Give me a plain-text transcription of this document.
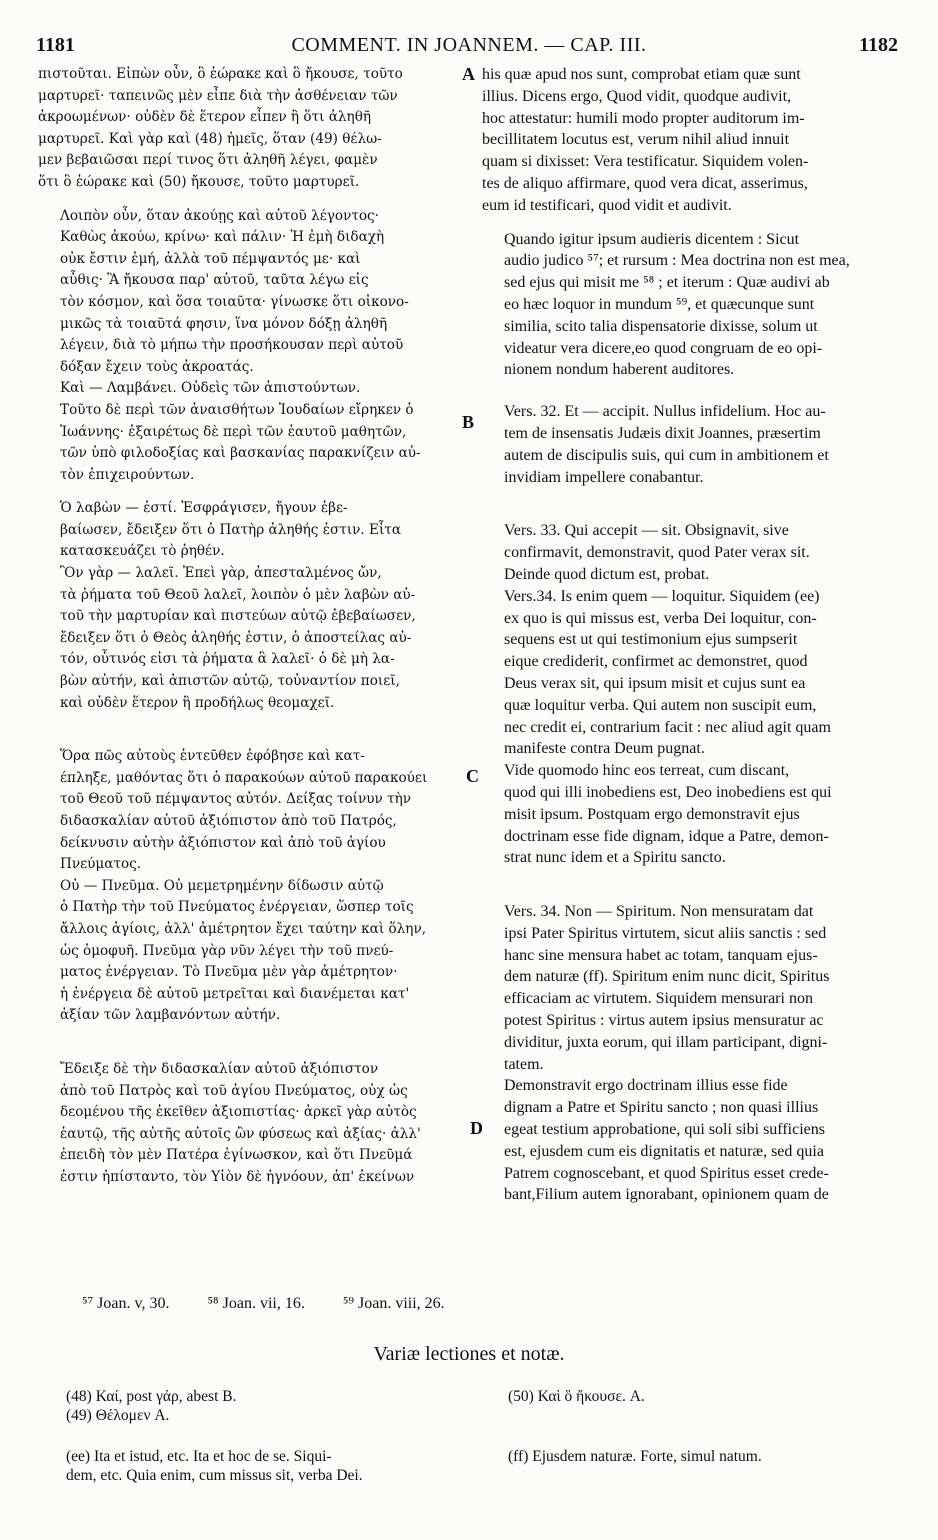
1181	COMMENT. IN JOANNEM. — CAP. III.	1182
A
B
C
D
πιστοῦται. Εἰπὼν οὖν, ὃ ἑώρακε καὶ ὃ ἤκουσε, τοῦτο
μαρτυρεῖ· ταπεινῶς μὲν εἶπε διὰ τὴν ἀσθένειαν τῶν
ἀκροωμένων· οὐδὲν δὲ ἕτερον εἶπεν ἢ ὅτι ἀληθῆ
μαρτυρεῖ. Καὶ γὰρ καὶ (48) ἡμεῖς, ὅταν (49) θέλω-
μεν βεβαιῶσαι περί τινος ὅτι ἀληθῆ λέγει, φαμὲν
ὅτι ὃ ἑώρακε καὶ (50) ἤκουσε, τοῦτο μαρτυρεῖ.
Λοιπὸν οὖν, ὅταν ἀκούῃς καὶ αὐτοῦ λέγοντος·
Καθὼς ἀκούω, κρίνω· καὶ πάλιν· Ἡ ἐμὴ διδαχὴ
οὐκ ἔστιν ἐμή, ἀλλὰ τοῦ πέμψαντός με· καὶ
αὖθις· Ἃ ἤκουσα παρ' αὐτοῦ, ταῦτα λέγω εἰς
τὸν κόσμον, καὶ ὅσα τοιαῦτα· γίνωσκε ὅτι οἰκονο-
μικῶς τὰ τοιαῦτά φησιν, ἵνα μόνον δόξῃ ἀληθῆ
λέγειν, διὰ τὸ μήπω τὴν προσήκουσαν περὶ αὐτοῦ
δόξαν ἔχειν τοὺς ἀκροατάς.
Καὶ — Λαμβάνει. Οὐδεὶς τῶν ἀπιστούντων.
Τοῦτο δὲ περὶ τῶν ἀναισθήτων Ἰουδαίων εἴρηκεν ὁ
Ἰωάννης· ἐξαιρέτως δὲ περὶ τῶν ἑαυτοῦ μαθητῶν,
τῶν ὑπὸ φιλοδοξίας καὶ βασκανίας παρακνίζειν αὐ-
τὸν ἐπιχειρούντων.
Ὁ λαβὼν — ἐστί. Ἐσφράγισεν, ἤγουν ἐβε-
βαίωσεν, ἔδειξεν ὅτι ὁ Πατὴρ ἀληθής ἐστιν. Εἶτα
κατασκευάζει τὸ ῥηθέν.
Ὃν γὰρ — λαλεῖ. Ἐπεὶ γὰρ, ἀπεσταλμένος ὤν,
τὰ ῥήματα τοῦ Θεοῦ λαλεῖ, λοιπὸν ὁ μὲν λαβὼν αὐ-
τοῦ τὴν μαρτυρίαν καὶ πιστεύων αὐτῷ ἐβεβαίωσεν,
ἔδειξεν ὅτι ὁ Θεὸς ἀληθής ἐστιν, ὁ ἀποστείλας αὐ-
τόν, οὗτινός εἰσι τὰ ῥήματα ἃ λαλεῖ· ὁ δὲ μὴ λα-
βὼν αὐτήν, καὶ ἀπιστῶν αὐτῷ, τοὐναντίον ποιεῖ,
καὶ οὐδὲν ἕτερον ἢ προδήλως θεομαχεῖ.
Ὅρα πῶς αὐτοὺς ἐντεῦθεν ἐφόβησε καὶ κατ-
έπληξε, μαθόντας ὅτι ὁ παρακούων αὐτοῦ παρακούει
τοῦ Θεοῦ τοῦ πέμψαντος αὐτόν. Δείξας τοίνυν τὴν
διδασκαλίαν αὐτοῦ ἀξιόπιστον ἀπὸ τοῦ Πατρός,
δείκνυσιν αὐτὴν ἀξιόπιστον καὶ ἀπὸ τοῦ ἁγίου
Πνεύματος.
Οὐ — Πνεῦμα. Οὐ μεμετρημένην δίδωσιν αὐτῷ
ὁ Πατὴρ τὴν τοῦ Πνεύματος ἐνέργειαν, ὥσπερ τοῖς
ἄλλοις ἁγίοις, ἀλλ' ἀμέτρητον ἔχει ταύτην καὶ ὅλην,
ὡς ὁμοφυῆ. Πνεῦμα γὰρ νῦν λέγει τὴν τοῦ πνεύ-
ματος ἐνέργειαν. Τὸ Πνεῦμα μὲν γὰρ ἀμέτρητον·
ἡ ἐνέργεια δὲ αὐτοῦ μετρεῖται καὶ διανέμεται κατ'
ἀξίαν τῶν λαμβανόντων αὐτήν.
Ἔδειξε δὲ τὴν διδασκαλίαν αὐτοῦ ἀξιόπιστον
ἀπὸ τοῦ Πατρὸς καὶ τοῦ ἁγίου Πνεύματος, οὐχ ὡς
δεομένου τῆς ἐκεῖθεν ἀξιοπιστίας· ἀρκεῖ γὰρ αὐτὸς
ἑαυτῷ, τῆς αὐτῆς αὐτοῖς ὢν φύσεως καὶ ἀξίας· ἀλλ'
ἐπειδὴ τὸν μὲν Πατέρα ἐγίνωσκον, καὶ ὅτι Πνεῦμά
ἐστιν ἠπίσταντο, τὸν Υἱὸν δὲ ἠγνόουν, ἀπ' ἐκείνων
his quæ apud nos sunt, comprobat etiam quæ sunt
illius. Dicens ergo, Quod vidit, quodque audivit,
hoc attestatur: humili modo propter auditorum im-
becillitatem locutus est, verum nihil aliud innuit
quam si dixisset: Vera testificatur. Siquidem volen-
tes de aliquo affirmare, quod vera dicat, asserimus,
eum id testificari, quod vidit et audivit.
Quando igitur ipsum audieris dicentem : Sicut
audio judico ⁵⁷; et rursum : Mea doctrina non est mea,
sed ejus qui misit me ⁵⁸ ; et iterum : Quæ audivi ab
eo hæc loquor in mundum ⁵⁹, et quæcunque sunt
similia, scito talia dispensatorie dixisse, solum ut
videatur vera dicere,eo quod congruam de eo opi-
nionem nondum haberent auditores.
Vers. 32. Et — accipit. Nullus infidelium. Hoc au-
tem de insensatis Judæis dixit Joannes, præsertim
autem de discipulis suis, qui cum in ambitionem et
invidiam impellere conabantur.
Vers. 33. Qui accepit — sit. Obsignavit, sive
confirmavit, demonstravit, quod Pater verax sit.
Deinde quod dictum est, probat.
Vers.34. Is enim quem — loquitur. Siquidem (ee)
ex quo is qui missus est, verba Dei loquitur, con-
sequens est ut qui testimonium ejus sumpserit
eique crediderit, confirmet ac demonstret, quod
Deus verax sit, qui ipsum misit et cujus sunt ea
quæ loquitur verba. Qui autem non suscipit eum,
nec credit ei, contrarium facit : nec aliud agit quam
manifeste contra Deum pugnat.
Vide quomodo hinc eos terreat, cum discant,
quod qui illi inobediens est, Deo inobediens est qui
misit ipsum. Postquam ergo demonstravit ejus
doctrinam esse fide dignam, idque a Patre, demon-
strat nunc idem et a Spiritu sancto.
Vers. 34. Non — Spiritum. Non mensuratam dat
ipsi Pater Spiritus virtutem, sicut aliis sanctis : sed
hanc sine mensura habet ac totam, tanquam ejus-
dem naturæ (ff). Spiritum enim nunc dicit, Spiritus
efficaciam ac virtutem. Siquidem mensurari non
potest Spiritus : virtus autem ipsius mensuratur ac
dividitur, juxta eorum, qui illam participant, digni-
tatem.
Demonstravit ergo doctrinam illius esse fide
dignam a Patre et Spiritu sancto ; non quasi illius
egeat testium approbatione, qui soli sibi sufficiens
est, ejusdem cum eis dignitatis et naturæ, sed quia
Patrem cognoscebant, et quod Spiritus esset crede-
bant,Filium autem ignorabant, opinionem quam de
⁵⁷ Joan. v, 30. ⁵⁸ Joan. vii, 16. ⁵⁹ Joan. viii, 26.
Variæ lectiones et notæ.
(48) Καί, post γάρ, abest B.
(49) Θέλομεν A.
(50) Καὶ ὃ ἤκουσε. A.
(ee) Ita et istud, etc. Ita et hoc de se. Siqui-
dem, etc. Quia enim, cum missus sit, verba Dei.
(ff) Ejusdem naturæ. Forte, simul natum.
